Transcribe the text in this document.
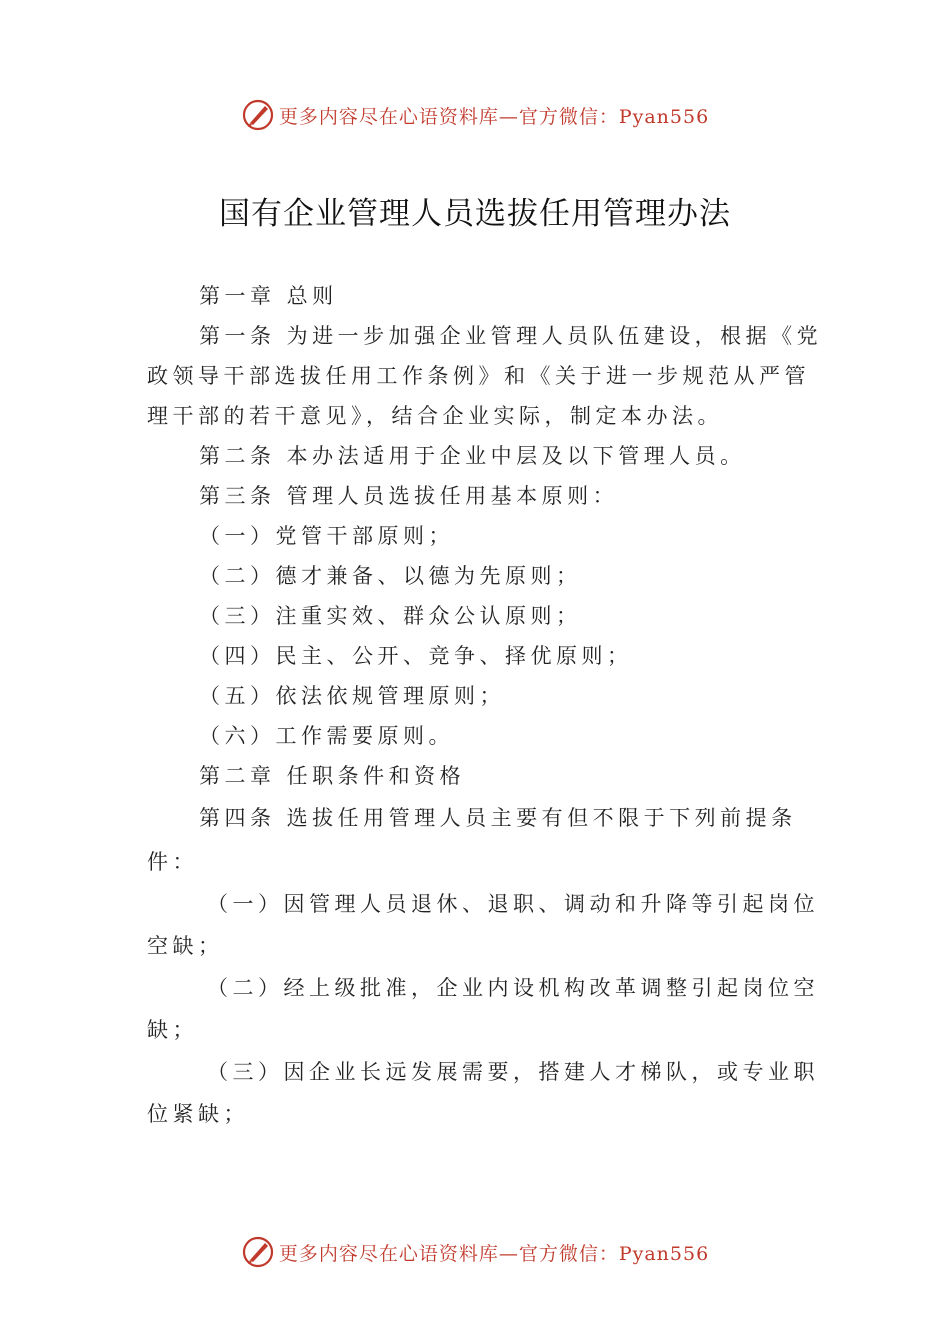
更多内容尽在心语资料库—官方微信：Pyan556
国有企业管理人员选拔任用管理办法
第一章 总则
第一条 为进一步加强企业管理人员队伍建设，根据《党
政领导干部选拔任用工作条例》和《关于进一步规范从严管
理干部的若干意见》，结合企业实际，制定本办法。
第二条 本办法适用于企业中层及以下管理人员。
第三条 管理人员选拔任用基本原则：
（一）党管干部原则；
（二）德才兼备、以德为先原则；
（三）注重实效、群众公认原则；
（四）民主、公开、竞争、择优原则；
（五）依法依规管理原则；
（六）工作需要原则。
第二章 任职条件和资格
第四条 选拔任用管理人员主要有但不限于下列前提条
件：
（一）因管理人员退休、退职、调动和升降等引起岗位
空缺；
（二）经上级批准，企业内设机构改革调整引起岗位空
缺；
（三）因企业长远发展需要，搭建人才梯队，或专业职
位紧缺；
更多内容尽在心语资料库—官方微信：Pyan556
